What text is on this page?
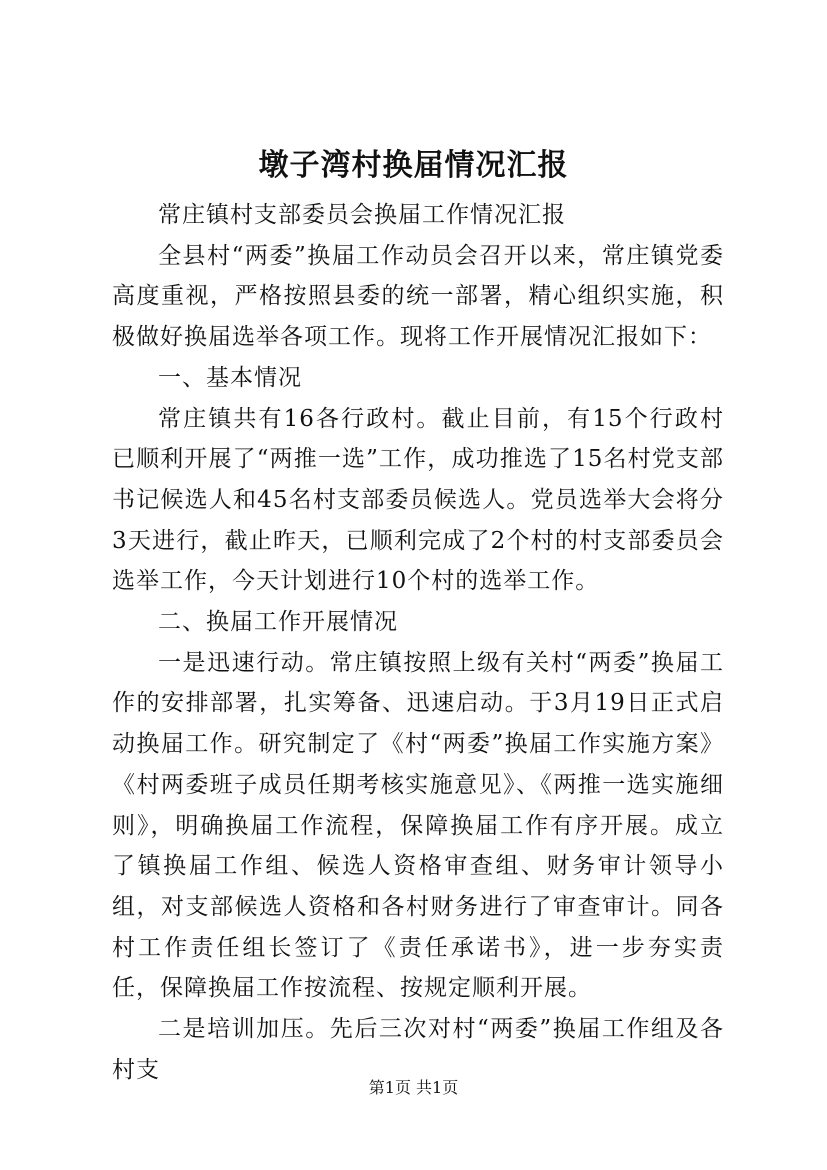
墩子湾村换届情况汇报

常庄镇村支部委员会换届工作情况汇报

全县村“两委”换届工作动员会召开以来，常庄镇党委高度重视，严格按照县委的统一部署，精心组织实施，积极做好换届选举各项工作。现将工作开展情况汇报如下：

一、基本情况

常庄镇共有16各行政村。截止目前，有15个行政村已顺利开展了“两推一选”工作，成功推选了15名村党支部书记候选人和45名村支部委员候选人。党员选举大会将分3天进行，截止昨天，已顺利完成了2个村的村支部委员会选举工作，今天计划进行10个村的选举工作。

二、换届工作开展情况

一是迅速行动。常庄镇按照上级有关村“两委”换届工作的安排部署，扎实筹备、迅速启动。于3月19日正式启动换届工作。研究制定了《村“两委”换届工作实施方案》《村两委班子成员任期考核实施意见》、《两推一选实施细则》，明确换届工作流程，保障换届工作有序开展。成立了镇换届工作组、候选人资格审查组、财务审计领导小组，对支部候选人资格和各村财务进行了审查审计。同各村工作责任组长签订了《责任承诺书》，进一步夯实责任，保障换届工作按流程、按规定顺利开展。

二是培训加压。先后三次对村“两委”换届工作组及各村支

第1页 共1页
